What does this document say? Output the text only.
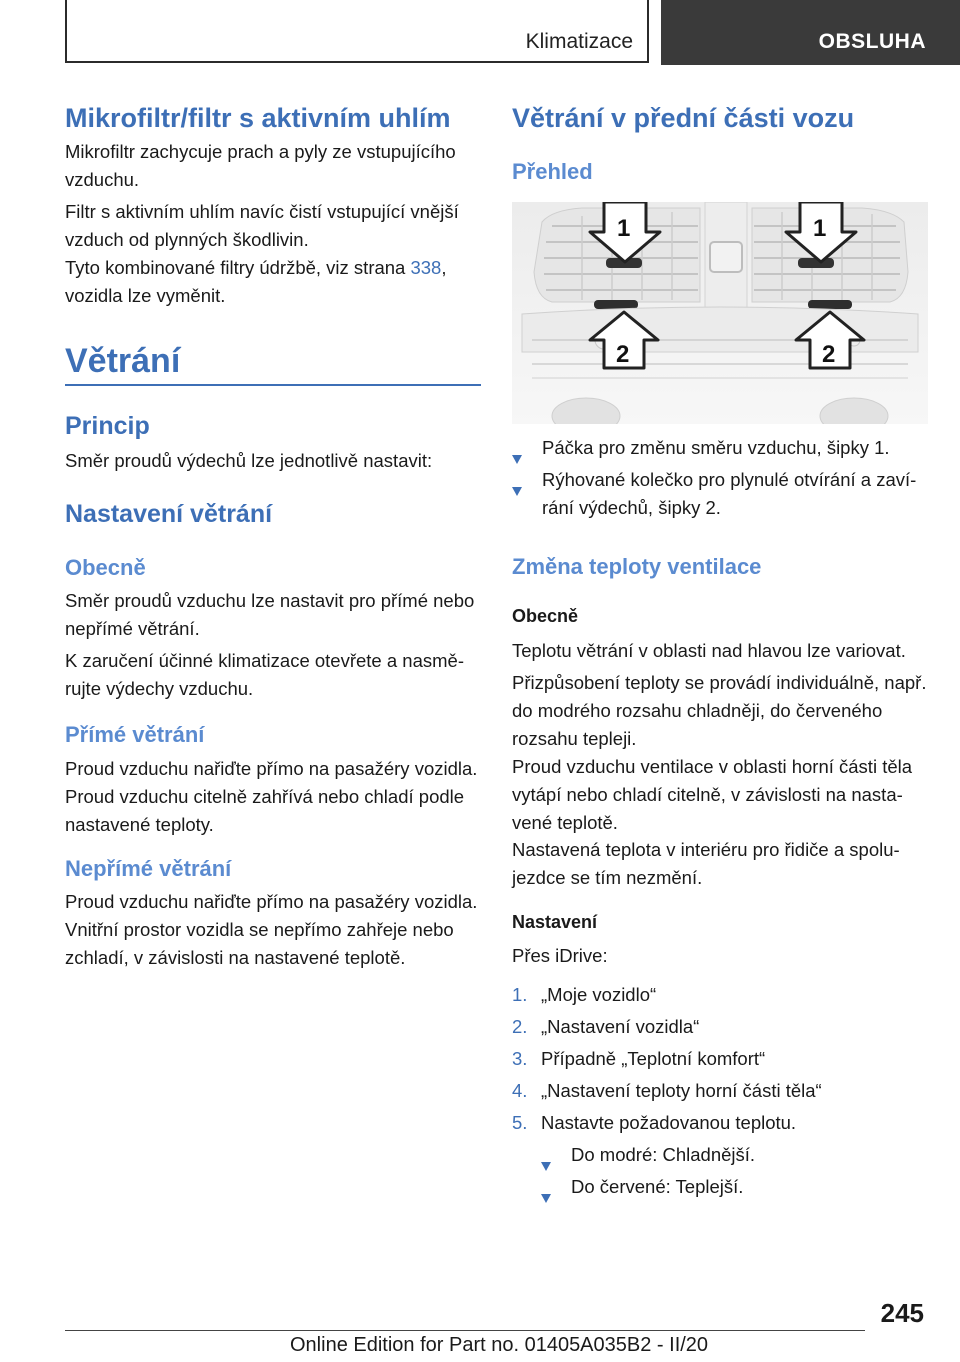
Klimatizace	OBSLUHA
Mikrofiltr/filtr s aktivním uhlím
Mikrofiltr zachycuje prach a pyly ze vstupujícího vzduchu.
Filtr s aktivním uhlím navíc čistí vstupující vnější vzduch od plynných škodlivin.
Tyto kombinované filtry údržbě, viz strana 338, vozidla lze vyměnit.
Větrání
Princip
Směr proudů výdechů lze jednotlivě nastavit:
Nastavení větrání
Obecně
Směr proudů vzduchu lze nastavit pro přímé nebo nepřímé větrání.
K zaručení účinné klimatizace otevřete a nasměrujte výdechy vzduchu.
Přímé větrání
Proud vzduchu nařiďte přímo na pasažéry vozidla. Proud vzduchu citelně zahřívá nebo chladí podle nastavené teploty.
Nepřímé větrání
Proud vzduchu nařiďte přímo na pasažéry vozidla. Vnitřní prostor vozidla se nepřímo zahřeje nebo zchladí, v závislosti na nastavené teplotě.
Větrání v přední části vozu
Přehled
1	1
2	2
Páčka pro změnu směru vzduchu, šipky 1.
Rýhované kolečko pro plynulé otvírání a zavírání výdechů, šipky 2.
Změna teploty ventilace
Obecně
Teplotu větrání v oblasti nad hlavou lze variovat.
Přizpůsobení teploty se provádí individuálně, např. do modrého rozsahu chladněji, do červeného rozsahu tepleji.
Proud vzduchu ventilace v oblasti horní části těla vytápí nebo chladí citelně, v závislosti na nastavené teplotě.
Nastavená teplota v interiéru pro řidiče a spolujezdce se tím nezmění.
Nastavení
Přes iDrive:
1. „Moje vozidlo“
2. „Nastavení vozidla“
3. Případně „Teplotní komfort“
4. „Nastavení teploty horní části těla“
5. Nastavte požadovanou teplotu.
Do modré: Chladnější.
Do červené: Teplejší.
245
Online Edition for Part no. 01405A035B2 - II/20
